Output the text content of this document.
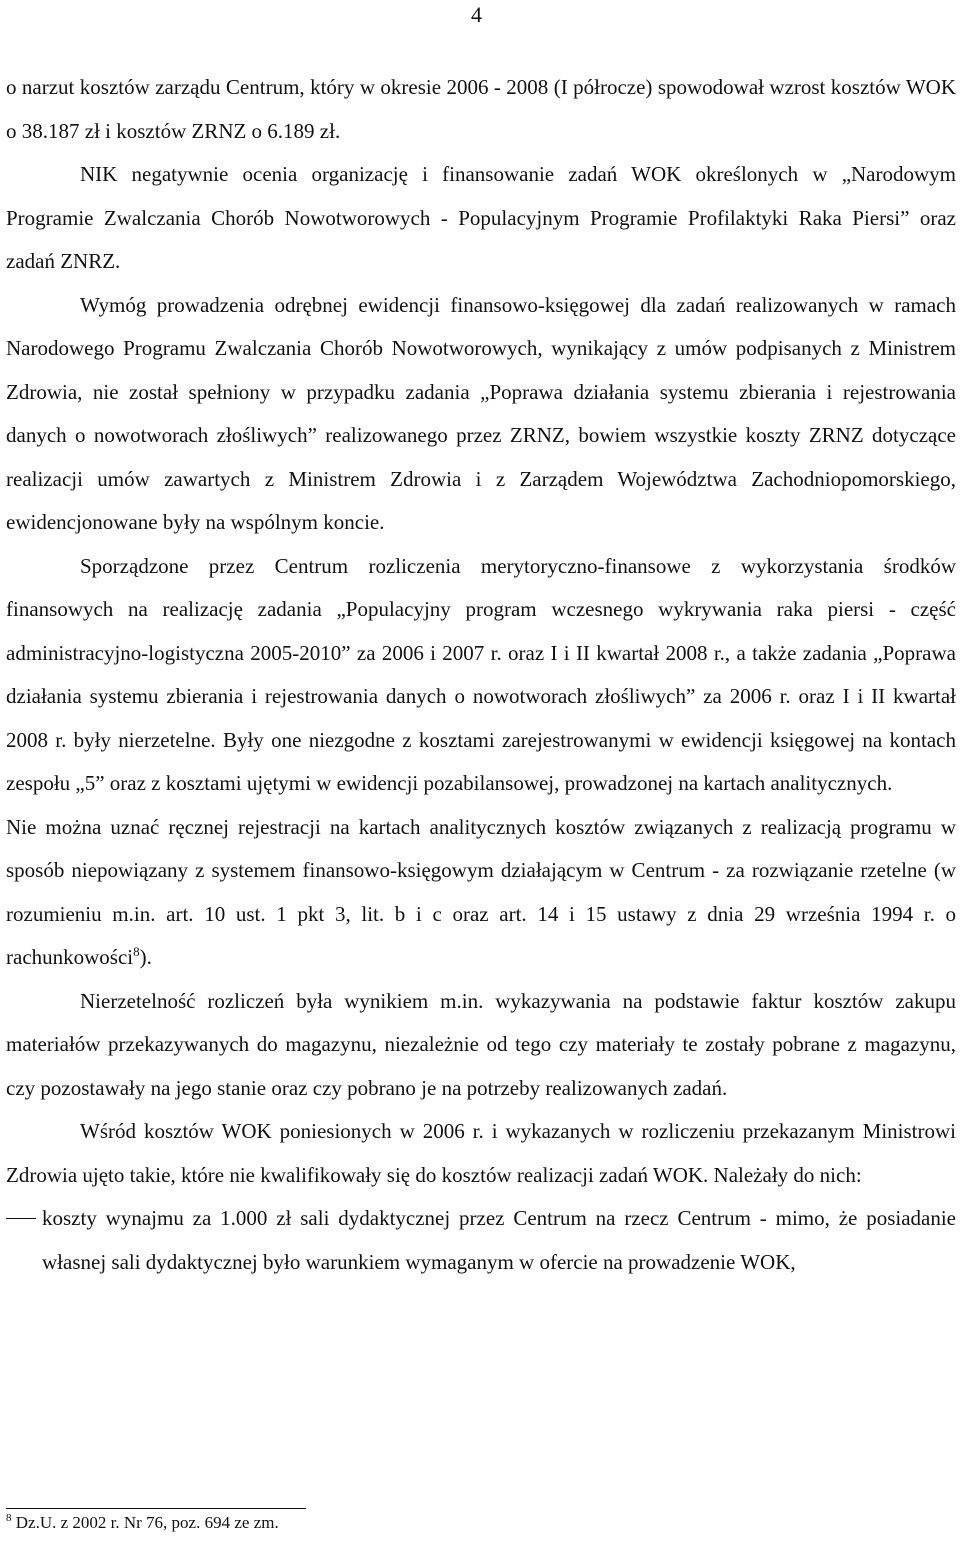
4

o narzut kosztów zarządu Centrum, który w okresie 2006 - 2008 (I półrocze) spowodował wzrost kosztów WOK o 38.187 zł i kosztów ZRNZ o 6.189 zł.

NIK negatywnie ocenia organizację i finansowanie zadań WOK określonych w „Narodowym Programie Zwalczania Chorób Nowotworowych - Populacyjnym Programie Profilaktyki Raka Piersi” oraz zadań ZNRZ.

Wymóg prowadzenia odrębnej ewidencji finansowo-księgowej dla zadań realizowanych w ramach Narodowego Programu Zwalczania Chorób Nowotworowych, wynikający z umów podpisanych z Ministrem Zdrowia, nie został spełniony w przypadku zadania „Poprawa działania systemu zbierania i rejestrowania danych o nowotworach złośliwych” realizowanego przez ZRNZ, bowiem wszystkie koszty ZRNZ dotyczące realizacji umów zawartych z Ministrem Zdrowia i z Zarządem Województwa Zachodniopomorskiego, ewidencjonowane były na wspólnym koncie.

Sporządzone przez Centrum rozliczenia merytoryczno-finansowe z wykorzystania środków finansowych na realizację zadania „Populacyjny program wczesnego wykrywania raka piersi - część administracyjno-logistyczna 2005-2010” za 2006 i 2007 r. oraz I i II kwartał 2008 r., a także zadania „Poprawa działania systemu zbierania i rejestrowania danych o nowotworach złośliwych” za 2006 r. oraz I i II kwartał 2008 r. były nierzetelne. Były one niezgodne z kosztami zarejestrowanymi w ewidencji księgowej na kontach zespołu „5” oraz z kosztami ujętymi w ewidencji pozabilansowej, prowadzonej na kartach analitycznych.

Nie można uznać ręcznej rejestracji na kartach analitycznych kosztów związanych z realizacją programu w sposób niepowiązany z systemem finansowo-księgowym działającym w Centrum - za rozwiązanie rzetelne (w rozumieniu m.in. art. 10 ust. 1 pkt 3, lit. b i c oraz art. 14 i 15 ustawy z dnia 29 września 1994 r. o rachunkowości$^8$).

Nierzetelność rozliczeń była wynikiem m.in. wykazywania na podstawie faktur kosztów zakupu materiałów przekazywanych do magazynu, niezależnie od tego czy materiały te zostały pobrane z magazynu, czy pozostawały na jego stanie oraz czy pobrano je na potrzeby realizowanych zadań.

Wśród kosztów WOK poniesionych w 2006 r. i wykazanych w rozliczeniu przekazanym Ministrowi Zdrowia ujęto takie, które nie kwalifikowały się do kosztów realizacji zadań WOK. Należały do nich:

koszty wynajmu za 1.000 zł sali dydaktycznej przez Centrum na rzecz Centrum - mimo, że posiadanie własnej sali dydaktycznej było warunkiem wymaganym w ofercie na prowadzenie WOK,
$^8$ Dz.U. z 2002 r. Nr 76, poz. 694 ze zm.
